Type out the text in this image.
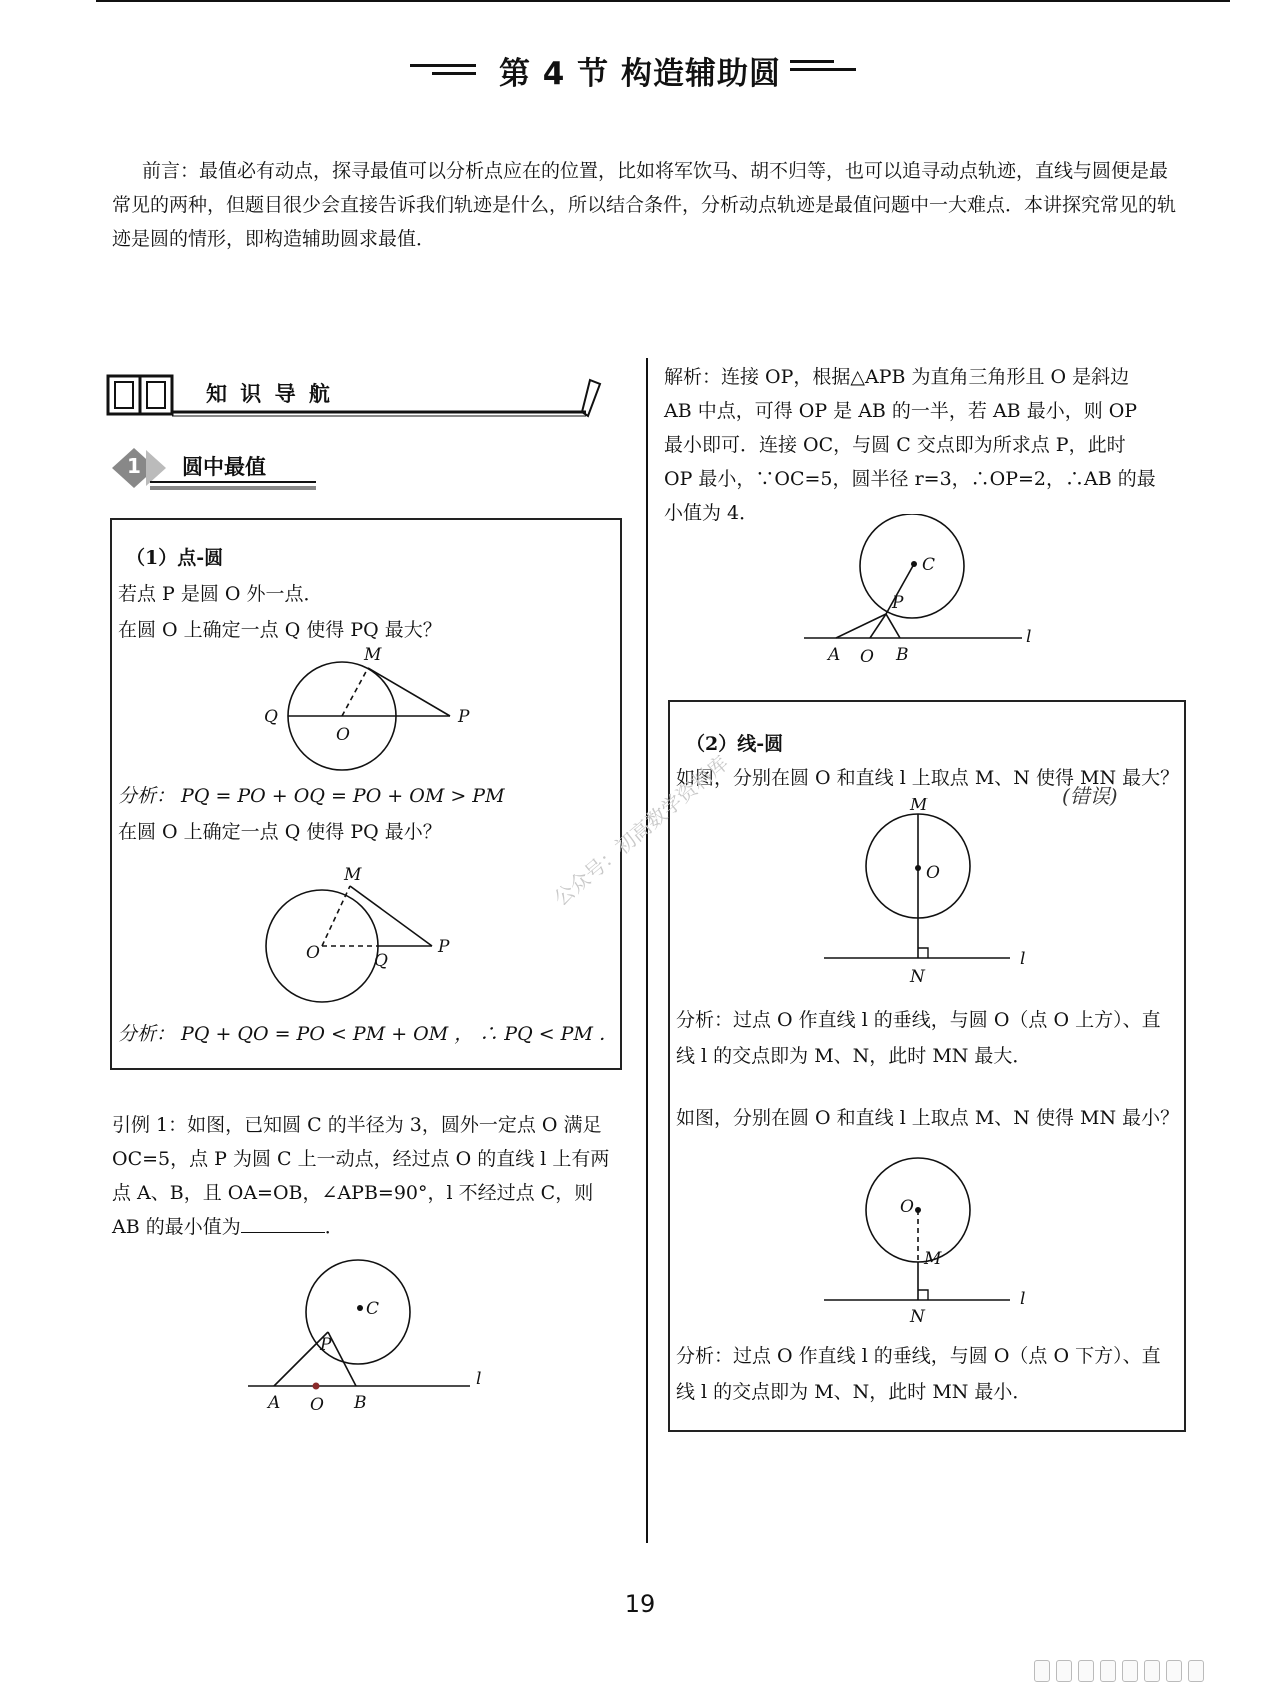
第 4 节 构造辅助圆
前言：最值必有动点，探寻最值可以分析点应在的位置，比如将军饮马、胡不归等，也可以追寻动点轨迹，直线与圆便是最常见的两种，但题目很少会直接告诉我们轨迹是什么，所以结合条件，分析动点轨迹是最值问题中一大难点．本讲探究常见的轨迹是圆的情形，即构造辅助圆求最值．
知 识 导 航
1 圆中最值
（1）点-圆
若点 P 是圆 O 外一点．
在圆 O 上确定一点 Q 使得 PQ 最大？
M
Q
O
P
分析： PQ = PO + OQ = PO + OM > PM
在圆 O 上确定一点 Q 使得 PQ 最小？
M
O	Q
P
分析： PQ + QO = PO < PM + OM ， ∴ PQ < PM ．
引例 1：如图，已知圆 C 的半径为 3，圆外一定点 O 满足 OC=5，点 P 为圆 C 上一动点，经过点 O 的直线 l 上有两点 A、B，且 OA=OB，∠APB=90°，l 不经过点 C，则 AB 的最小值为	．
C
P
A O B
l
解析：连接 OP，根据△APB 为直角三角形且 O 是斜边 AB 中点，可得 OP 是 AB 的一半，若 AB 最小，则 OP 最小即可．连接 OC，与圆 C 交点即为所求点 P，此时 OP 最小，∵OC=5，圆半径 r=3，∴OP=2，∴AB 的最小值为 4．
C
P
A O B
l
（2）线-圆
如图，分别在圆 O 和直线 l 上取点 M、N 使得 MN 最大？
(错误)
M
O
N
l
分析：过点 O 作直线 l 的垂线，与圆 O（点 O 上方）、直线 l 的交点即为 M、N，此时 MN 最大．
如图，分别在圆 O 和直线 l 上取点 M、N 使得 MN 最小？
O
M
N
l
分析：过点 O 作直线 l 的垂线，与圆 O（点 O 下方）、直线 l 的交点即为 M、N，此时 MN 最小．
公众号：初高数学资料库
19
